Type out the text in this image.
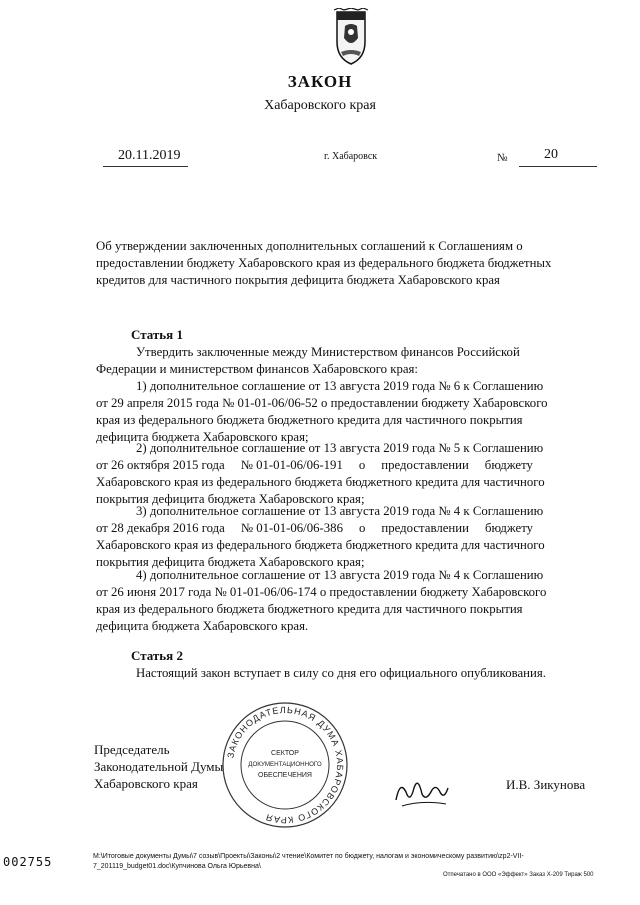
ЗАКОН
Хабаровского края
20.11.2019	г. Хабаровск	№	20
Об утверждении заключенных дополнительных соглашений к Соглашениям о
предоставлении бюджету Хабаровского края из федерального бюджета бюджетных
кредитов для частичного покрытия дефицита бюджета Хабаровского края
Статья 1
Утвердить заключенные между Министерством финансов Российской
Федерации и министерством финансов Хабаровского края:
1) дополнительное соглашение от 13 августа 2019 года № 6 к Соглашению
от 29 апреля 2015 года № 01-01-06/06-52 о предоставлении бюджету Хабаровского
края из федерального бюджета бюджетного кредита для частичного покрытия
дефицита бюджета Хабаровского края;
2) дополнительное соглашение от 13 августа 2019 года № 5 к Соглашению
от 26 октября 2015 года     № 01-01-06/06-191     о     предоставлении     бюджету
Хабаровского края из федерального бюджета бюджетного кредита для частичного
покрытия дефицита бюджета Хабаровского края;
3) дополнительное соглашение от 13 августа 2019 года № 4 к Соглашению
от 28 декабря 2016 года     № 01-01-06/06-386     о     предоставлении     бюджету
Хабаровского края из федерального бюджета бюджетного кредита для частичного
покрытия дефицита бюджета Хабаровского края;
4) дополнительное соглашение от 13 августа 2019 года № 4 к Соглашению
от 26 июня 2017 года № 01-01-06/06-174 о предоставлении бюджету Хабаровского
края из федерального бюджета бюджетного кредита для частичного покрытия
дефицита бюджета Хабаровского края.
Статья 2
Настоящий закон вступает в силу со дня его официального опубликования.
Председатель
Законодательной Думы
Хабаровского края
ЗАКОНОДАТЕЛЬНАЯ ДУМА ХАБАРОВСКОГО КРАЯ
СЕКТОР
ДОКУМЕНТАЦИОННОГО
ОБЕСПЕЧЕНИЯ
И.В. Зикунова
002755	M:\Итоговые документы Думы\7 созыв\Проекты\Законы\2 чтение\Комитет по бюджету, налогам и экономическому развитию\zp2-VII-
7_201119_budget01.doc\Купчинова Ольга Юрьевна\
Отпечатано в ООО «Эффект» Заказ Х-209 Тираж 500
